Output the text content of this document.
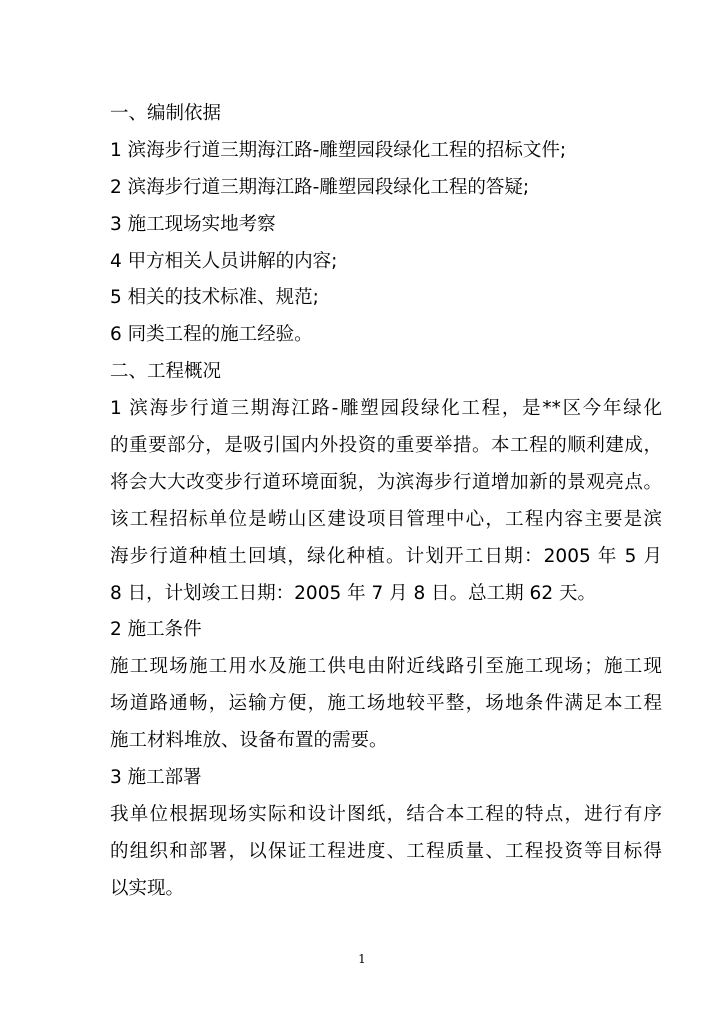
一、编制依据
1 滨海步行道三期海江路-雕塑园段绿化工程的招标文件;
2 滨海步行道三期海江路-雕塑园段绿化工程的答疑;
3 施工现场实地考察
4 甲方相关人员讲解的内容;
5 相关的技术标准、规范;
6 同类工程的施工经验。
二、工程概况
1 滨海步行道三期海江路-雕塑园段绿化工程，是**区今年绿化
的重要部分，是吸引国内外投资的重要举措。本工程的顺利建成，
将会大大改变步行道环境面貌，为滨海步行道增加新的景观亮点。
该工程招标单位是崂山区建设项目管理中心，工程内容主要是滨
海步行道种植土回填，绿化种植。计划开工日期：2005 年 5 月
8 日，计划竣工日期：2005 年 7 月 8 日。总工期 62 天。
2 施工条件
施工现场施工用水及施工供电由附近线路引至施工现场；施工现
场道路通畅，运输方便，施工场地较平整，场地条件满足本工程
施工材料堆放、设备布置的需要。
3 施工部署
我单位根据现场实际和设计图纸，结合本工程的特点，进行有序
的组织和部署，以保证工程进度、工程质量、工程投资等目标得
以实现。
1
